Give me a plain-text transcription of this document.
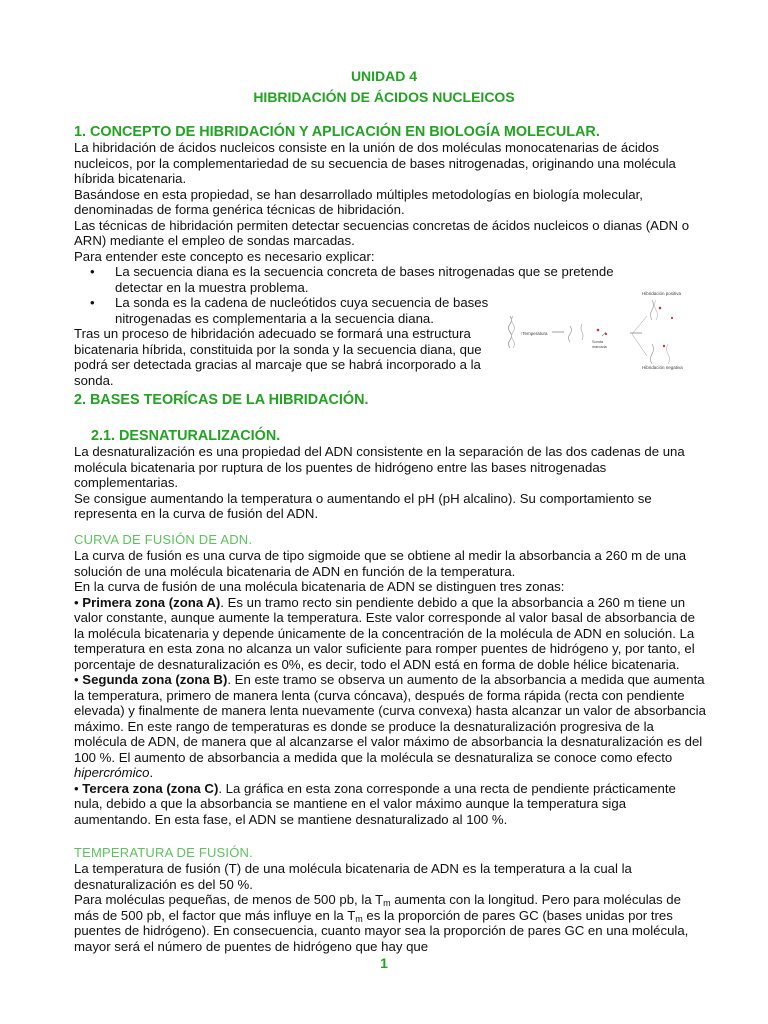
UNIDAD 4
HIBRIDACIÓN DE ÁCIDOS NUCLEICOS
1. CONCEPTO DE HIBRIDACIÓN Y APLICACIÓN EN BIOLOGÍA MOLECULAR.

La hibridación de ácidos nucleicos consiste en la unión de dos moléculas monocatenarias de ácidos nucleicos, por la complementariedad de su secuencia de bases nitrogenadas, originando una molécula híbrida bicatenaria.

Basándose en esta propiedad, se han desarrollado múltiples metodologías en biología molecular, denominadas de forma genérica técnicas de hibridación.

Las técnicas de hibridación permiten detectar secuencias concretas de ácidos nucleicos o dianas (ADN o ARN) mediante el empleo de sondas marcadas.

Para entender este concepto es necesario explicar:

• La secuencia diana es la secuencia concreta de bases nitrogenadas que se pretende detectar en la muestra problema.

• La sonda es la cadena de nucleótidos cuya secuencia de bases nitrogenadas es complementaria a la secuencia diana.

Tras un proceso de hibridación adecuado se formará una estructura bicatenaria híbrida, constituida por la sonda y la secuencia diana, que podrá ser detectada gracias al marcaje que se habrá incorporado a la sonda.

Hibridación positiva
↑Temperatura
Sonda
marcada
Hibridación negativa
2. BASES TEORÍCAS DE LA HIBRIDACIÓN.
2.1. DESNATURALIZACIÓN.

La desnaturalización es una propiedad del ADN consistente en la separación de las dos cadenas de una molécula bicatenaria por ruptura de los puentes de hidrógeno entre las bases nitrogenadas complementarias.

Se consigue aumentando la temperatura o aumentando el pH (pH alcalino). Su comportamiento se representa en la curva de fusión del ADN.

CURVA DE FUSIÓN DE ADN.

La curva de fusión es una curva de tipo sigmoide que se obtiene al medir la absorbancia a 260 m de una solución de una molécula bicatenaria de ADN en función de la temperatura.

En la curva de fusión de una molécula bicatenaria de ADN se distinguen tres zonas:

• Primera zona (zona A). Es un tramo recto sin pendiente debido a que la absorbancia a 260 m tiene un valor constante, aunque aumente la temperatura. Este valor corresponde al valor basal de absorbancia de la molécula bicatenaria y depende únicamente de la concentración de la molécula de ADN en solución. La temperatura en esta zona no alcanza un valor suficiente para romper puentes de hidrógeno y, por tanto, el porcentaje de desnaturalización es 0%, es decir, todo el ADN está en forma de doble hélice bicatenaria.

• Segunda zona (zona B). En este tramo se observa un aumento de la absorbancia a medida que aumenta la temperatura, primero de manera lenta (curva cóncava), después de forma rápida (recta con pendiente elevada) y finalmente de manera lenta nuevamente (curva convexa) hasta alcanzar un valor de absorbancia máximo. En este rango de temperaturas es donde se produce la desnaturalización progresiva de la molécula de ADN, de manera que al alcanzarse el valor máximo de absorbancia la desnaturalización es del 100 %. El aumento de absorbancia a medida que la molécula se desnaturaliza se conoce como efecto hipercrómico.

• Tercera zona (zona C). La gráfica en esta zona corresponde a una recta de pendiente prácticamente nula, debido a que la absorbancia se mantiene en el valor máximo aunque la temperatura siga aumentando. En esta fase, el ADN se mantiene desnaturalizado al 100 %.

TEMPERATURA DE FUSIÓN.

La temperatura de fusión (T) de una molécula bicatenaria de ADN es la temperatura a la cual la desnaturalización es del 50 %.

Para moléculas pequeñas, de menos de 500 pb, la $T_m$ aumenta con la longitud. Pero para moléculas de más de 500 pb, el factor que más influye en la $T_m$ es la proporción de pares GC (bases unidas por tres puentes de hidrógeno). En consecuencia, cuanto mayor sea la proporción de pares GC en una molécula, mayor será el número de puentes de hidrógeno que hay que

1
